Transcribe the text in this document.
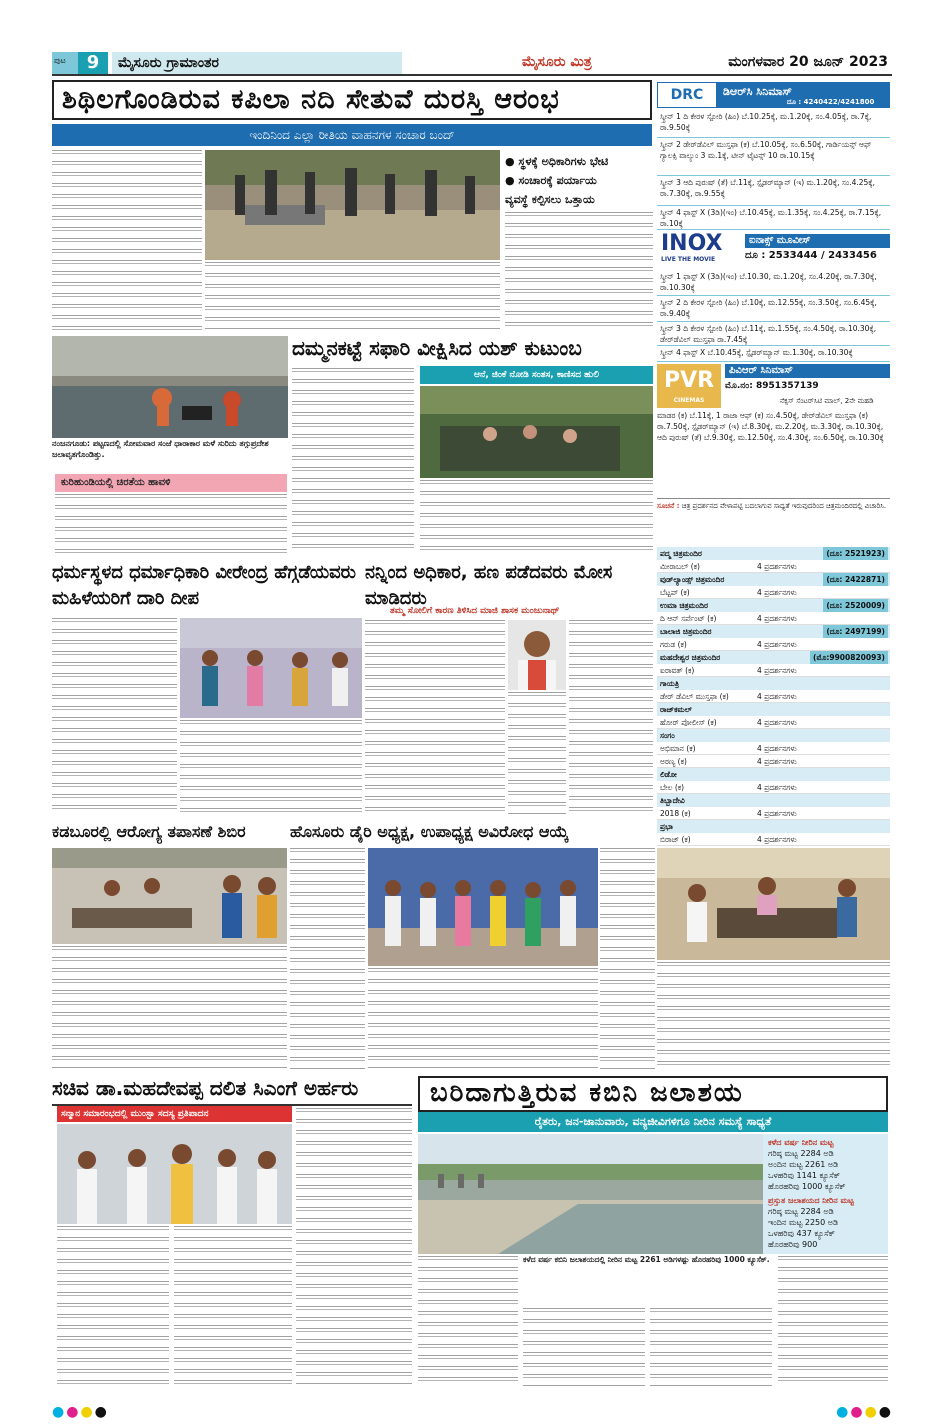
ಪುಟ	9	ಮೈಸೂರು ಗ್ರಾಮಾಂತರ	ಮೈಸೂರು ಮಿತ್ರ	ಮಂಗಳವಾರ 20 ಜೂನ್ 2023
ಶಿಥಿಲಗೊಂಡಿರುವ ಕಪಿಲಾ ನದಿ ಸೇತುವೆ ದುರಸ್ತಿ ಆರಂಭ
ಇಂದಿನಿಂದ ಎಲ್ಲಾ ರೀತಿಯ ವಾಹನಗಳ ಸಂಚಾರ ಬಂದ್
● ಸ್ಥಳಕ್ಕೆ ಅಧಿಕಾರಿಗಳು ಭೇಟಿ
● ಸಂಚಾರಕ್ಕೆ ಪರ್ಯಾಯ
ವ್ಯವಸ್ಥೆ ಕಲ್ಪಿಸಲು ಒತ್ತಾಯ
ನಂಜನಗೂಡು: ಪಟ್ಟಣದಲ್ಲಿ ಸೋಮವಾರ ಸಂಜೆ ಧಾರಾಕಾರ ಮಳೆ ಸುರಿದು ತಗ್ಗುಪ್ರದೇಶ ಜಲಾವೃತಗೊಂಡಿತ್ತು.
ಕುರಿಹುಂಡಿಯಲ್ಲಿ ಚಿರತೆಯ ಹಾವಳಿ
ದಮ್ಮನಕಟ್ಟೆ ಸಫಾರಿ ವೀಕ್ಷಿಸಿದ ಯಶ್ ಕುಟುಂಬ
ಆನೆ, ಜಿಂಕೆ ನೋಡಿ ಸಂತಸ, ಕಾಣಿಸದ ಹುಲಿ
ಧರ್ಮಸ್ಥಳದ ಧರ್ಮಾಧಿಕಾರಿ ವೀರೇಂದ್ರ ಹೆಗ್ಗಡೆಯವರು ಮಹಿಳೆಯರಿಗೆ ದಾರಿ ದೀಪ
ನನ್ನಿಂದ ಅಧಿಕಾರ, ಹಣ ಪಡೆದವರು ಮೋಸ ಮಾಡಿದರು
ತಮ್ಮ ಸೋಲಿಗೆ ಕಾರಣ ತಿಳಿಸಿದ ಮಾಜಿ ಶಾಸಕ ಮಂಜುನಾಥ್
ಕಡಬೂರಲ್ಲಿ ಆರೋಗ್ಯ ತಪಾಸಣೆ ಶಿಬಿರ	ಹೊಸೂರು ಡೈರಿ ಅಧ್ಯಕ್ಷ, ಉಪಾಧ್ಯಕ್ಷ ಅವಿರೋಧ ಆಯ್ಕೆ
ಸಚಿವ ಡಾ.ಮಹದೇವಪ್ಪ ದಲಿತ ಸಿಎಂಗೆ ಅರ್ಹರು
ಸನ್ಮಾನ ಸಮಾರಂಭದಲ್ಲಿ ಮುಂಸ್ಬಾ ಸದಸ್ಯ ಪ್ರತಿಪಾದನ
ಬರಿದಾಗುತ್ತಿರುವ ಕಬಿನಿ ಜಲಾಶಯ
ರೈತರು, ಜನ-ಜಾನುವಾರು, ವನ್ಯಜೀವಿಗಳಿಗೂ ನೀರಿನ ಸಮಸ್ಯೆ ಸಾಧ್ಯತೆ
ಕಳೆದ ವರ್ಷ ನೀರಿನ ಮಟ್ಟ
ಗರಿಷ್ಠ ಮಟ್ಟ 2284 ಅಡಿ
ಅಂದಿನ ಮಟ್ಟ 2261 ಅಡಿ
ಒಳಹರಿವು 1141 ಕ್ಯೂಸೆಕ್
ಹೊರಹರಿವು 1000 ಕ್ಯೂಸೆಕ್
ಪ್ರಸ್ತುತ ಜಲಾಶಯದ ನೀರಿನ ಮಟ್ಟ
ಗರಿಷ್ಠ ಮಟ್ಟ 2284 ಅಡಿ
ಇಂದಿನ ಮಟ್ಟ 2250 ಅಡಿ
ಒಳಹರಿವು 437 ಕ್ಯೂಸೆಕ್
ಹೊರಹರಿವು 900
ಕಳೆದ ವರ್ಷ ಕಬಿನಿ ಜಲಾಶಯದಲ್ಲಿ ನೀರಿನ ಮಟ್ಟ 2261 ಅಡಿಗಳಷ್ಟು ಹೊರಹರಿವು 1000 ಕ್ಯೂಸೆಕ್.
DRC	ಡಿಆರ್‌ಸಿ ಸಿನಿಮಾಸ್
ದೂ : 4240422/4241800
ಸ್ಕ್ರೀನ್ 1 ದಿ ಕೇರಳ ಸ್ಟೋರಿ (ಹಿಂ) ಬೆ.10.25ಕ್ಕೆ, ಮ.1.20ಕ್ಕೆ, ಸಂ.4.05ಕ್ಕೆ, ರಾ.7ಕ್ಕೆ, ರಾ.9.50ಕ್ಕೆ
ಸ್ಕ್ರೀನ್ 2 ಡೇರ್‌ಡೆವಿಲ್ ಮುಸ್ತಫಾ (ಕ) ಬೆ.10.05ಕ್ಕೆ, ಸಂ.6.50ಕ್ಕೆ, ಗಾರ್ಡಿಯನ್ಸ್ ಆಫ್ ಗ್ಯಾಲಕ್ಸಿ ವಾಲ್ಯುಂ 3 ಮ.1ಕ್ಕೆ, ಟೀನ್ ಟೈಟನ್ಸ್ 10 ರಾ.10.15ಕ್ಕೆ
ಸ್ಕ್ರೀನ್ 3 ಆದಿ ಪುರುಷ್ (ತೆ) ಬೆ.11ಕ್ಕೆ, ಸ್ಪೈಡರ್‌ಮ್ಯಾನ್ (ಇ) ಮ.1.20ಕ್ಕೆ, ಸಂ.4.25ಕ್ಕೆ, ರಾ.7.30ಕ್ಕೆ, ರಾ.9.55ಕ್ಕೆ
ಸ್ಕ್ರೀನ್ 4 ಫಾಸ್ಟ್ X (3ಡಿ)(ಇಂ) ಬೆ.10.45ಕ್ಕೆ, ಮ.1.35ಕ್ಕೆ, ಸಂ.4.25ಕ್ಕೆ, ರಾ.7.15ಕ್ಕೆ, ರಾ.10ಕ್ಕೆ
INOX
LIVE THE MOVIE
ಐನಾಕ್ಸ್ ಮೂವೀಸ್
ದೂ : 2533444 / 2433456
ಸ್ಕ್ರೀನ್ 1 ಫಾಸ್ಟ್ X (3ಡಿ)(ಇಂ) ಬೆ.10.30, ಮ.1.20ಕ್ಕೆ, ಸಂ.4.20ಕ್ಕೆ, ರಾ.7.30ಕ್ಕೆ, ರಾ.10.30ಕ್ಕೆ
ಸ್ಕ್ರೀನ್ 2 ದಿ ಕೇರಳ ಸ್ಟೋರಿ (ಹಿಂ) ಬೆ.10ಕ್ಕೆ, ಮ.12.55ಕ್ಕೆ, ಸಂ.3.50ಕ್ಕೆ, ಸಂ.6.45ಕ್ಕೆ, ರಾ.9.40ಕ್ಕೆ
ಸ್ಕ್ರೀನ್ 3 ದಿ ಕೇರಳ ಸ್ಟೋರಿ (ಹಿಂ) ಬೆ.11ಕ್ಕೆ, ಮ.1.55ಕ್ಕೆ, ಸಂ.4.50ಕ್ಕೆ, ರಾ.10.30ಕ್ಕೆ, ಡೇರ್‌ಡೆವಿಲ್ ಮುಸ್ತಫಾ ರಾ.7.45ಕ್ಕೆ
ಸ್ಕ್ರೀನ್ 4 ಫಾಸ್ಟ್ X ಬೆ.10.45ಕ್ಕೆ, ಸ್ಪೈಡರ್‌ಮ್ಯಾನ್ ಮ.1.30ಕ್ಕೆ, ರಾ.10.30ಕ್ಕೆ
PVR
CINEMAS
ಪಿವಿಆರ್ ಸಿನಿಮಾಸ್
ಮೊ.ನಂ: 8951357139
ನೆಕ್ಸಸ್ ಸೆಂಟರ್‌ಸಿಟಿ ಮಾಲ್, 2ನೇ ಮಹಡಿ
ಮಾಡರ (ಕ) ಬೆ.11ಕ್ಕೆ, 1 ರಾಜಾ ಆಫ್ (ಕ) ಸಂ.4.50ಕ್ಕೆ, ಡೇರ್‌ಡೆವಿಲ್ ಮುಸ್ತಫಾ (ಕ) ರಾ.7.50ಕ್ಕೆ, ಸ್ಪೈಡರ್‌ಮ್ಯಾನ್ (ಇ) ಬೆ.8.30ಕ್ಕೆ, ಮ.2.20ಕ್ಕೆ, ಮ.3.30ಕ್ಕೆ, ರಾ.10.30ಕ್ಕೆ, ಆದಿ ಪುರುಷ್ (ತೆ) ಬೆ.9.30ಕ್ಕೆ, ಮ.12.50ಕ್ಕೆ, ಸಂ.4.30ಕ್ಕೆ, ಸಂ.6.50ಕ್ಕೆ, ರಾ.10.30ಕ್ಕೆ
ಸೂಚನೆ : ಚಿತ್ರ ಪ್ರದರ್ಶನದ ವೇಳಾಪಟ್ಟಿ ಬದಲಾಗುವ ಸಾಧ್ಯತೆ ಇರುವುದರಿಂದ ಚಿತ್ರಮಂದಿರದಲ್ಲಿ ವಿಚಾರಿಸಿ.
ಪದ್ಮ ಚಿತ್ರಮಂದಿರ	(ದೂ: 2521923)
ಮೀರಾಬಲ್ (ಕ)	4 ಪ್ರದರ್ಶನಗಳು
ವುಡ್‌ಲ್ಯಾಂಡ್ಸ್ ಚಿತ್ರಮಂದಿರ	(ದೂ: 2422871)
ಬೆಟ್ಟಪ್ (ಕ)	4 ಪ್ರದರ್ಶನಗಳು
ಉಮಾ ಚಿತ್ರಮಂದಿರ	(ದೂ: 2520009)
ದಿ ಆನ್ ಸರ್ಪೆಂಟ್ (ಕ)	4 ಪ್ರದರ್ಶನಗಳು
ಬಾಲಾಜಿ ಚಿತ್ರಮಂದಿರ	(ದೂ: 2497199)
ಗರುಡ (ಕ)	4 ಪ್ರದರ್ಶನಗಳು
ಮಹದೇಶ್ವರ ಚಿತ್ರಮಂದಿರ	(ಮೊ:9900820093)
ಐರಾವತ್ (ಕ)	4 ಪ್ರದರ್ಶನಗಳು
ಗಾಯತ್ರಿ
ಡೇರ್ ಡೆವಿಲ್ ಮುಸ್ತಫಾ (ಕ)	4 ಪ್ರದರ್ಶನಗಳು
ರಾಜ್‌ಕಮಲ್
ಹೋರ್ ಪೋಲೀಸ್ (ಕ)	4 ಪ್ರದರ್ಶನಗಳು
ಸಂಗಂ
ಅಭಿಮಾನ (ಕ)	4 ಪ್ರದರ್ಶನಗಳು
ಅರಣ್ಯ (ಕ)	4 ಪ್ರದರ್ಶನಗಳು
ಲಿಡೋ
ಬೇಲ (ಕ)	4 ಪ್ರದರ್ಶನಗಳು
ತಿಬ್ಬಾದೇವಿ
2018 (ಕ)	4 ಪ್ರದರ್ಶನಗಳು
ಪ್ರಭಾ
ಬಿರಾಜ್ (ಕ)	4 ಪ್ರದರ್ಶನಗಳು
●●●●	●●●●
